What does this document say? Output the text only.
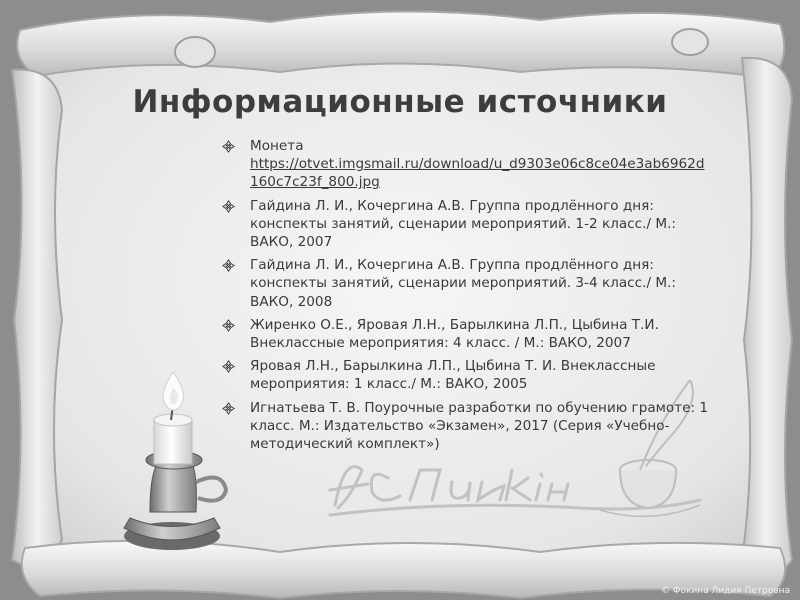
Информационные источники
Монета
https://otvet.imgsmail.ru/download/u_d9303e06c8ce04e3ab6962d160c7c23f_800.jpg
Гайдина Л. И., Кочергина А.В. Группа продлённого дня: конспекты занятий, сценарии мероприятий. 1-2 класс./ М.: ВАКО, 2007
Гайдина Л. И., Кочергина А.В. Группа продлённого дня: конспекты занятий, сценарии мероприятий. 3-4 класс./ М.: ВАКО, 2008
Жиренко О.Е., Яровая Л.Н., Барылкина Л.П., Цыбина Т.И. Внеклассные мероприятия: 4 класс. / М.: ВАКО, 2007
Яровая Л.Н., Барылкина Л.П., Цыбина Т. И. Внеклассные мероприятия: 1 класс./ М.: ВАКО, 2005
Игнатьева Т. В. Поурочные разработки по обучению грамоте: 1 класс. М.: Издательство «Экзамен», 2017 (Серия «Учебно-методический комплект»)
© Фокина Лидия Петровна
